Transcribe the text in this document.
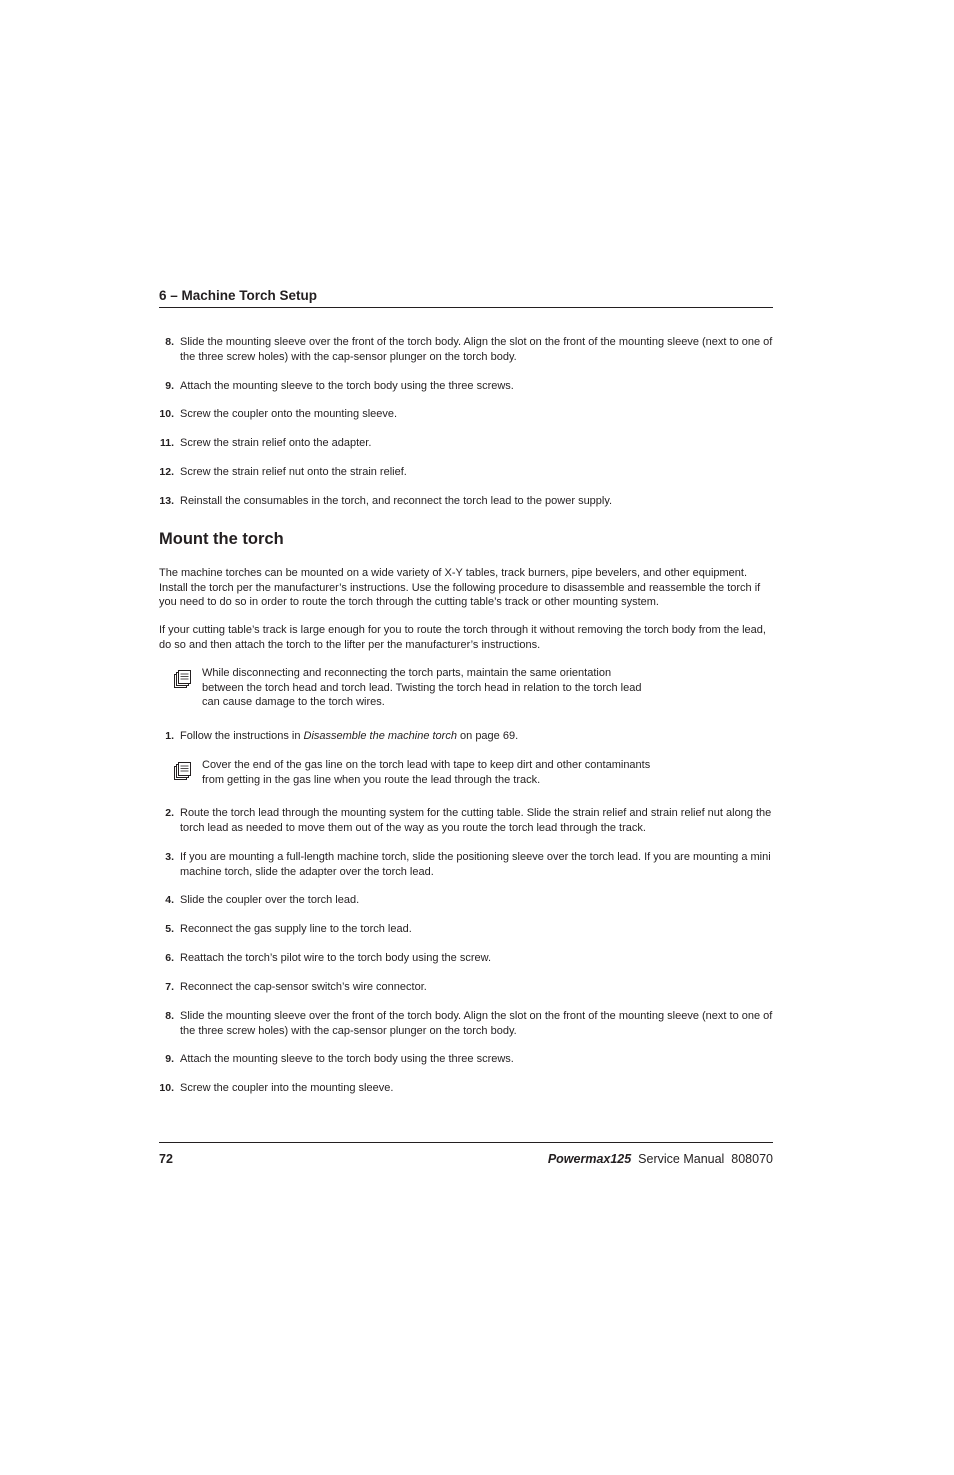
6 – Machine Torch Setup
8. Slide the mounting sleeve over the front of the torch body. Align the slot on the front of the mounting sleeve (next to one of the three screw holes) with the cap-sensor plunger on the torch body.
9. Attach the mounting sleeve to the torch body using the three screws.
10. Screw the coupler onto the mounting sleeve.
11. Screw the strain relief onto the adapter.
12. Screw the strain relief nut onto the strain relief.
13. Reinstall the consumables in the torch, and reconnect the torch lead to the power supply.
Mount the torch
The machine torches can be mounted on a wide variety of X-Y tables, track burners, pipe bevelers, and other equipment. Install the torch per the manufacturer’s instructions. Use the following procedure to disassemble and reassemble the torch if you need to do so in order to route the torch through the cutting table’s track or other mounting system.
If your cutting table’s track is large enough for you to route the torch through it without removing the torch body from the lead, do so and then attach the torch to the lifter per the manufacturer’s instructions.
While disconnecting and reconnecting the torch parts, maintain the same orientation between the torch head and torch lead. Twisting the torch head in relation to the torch lead can cause damage to the torch wires.
1. Follow the instructions in Disassemble the machine torch on page 69.
Cover the end of the gas line on the torch lead with tape to keep dirt and other contaminants from getting in the gas line when you route the lead through the track.
2. Route the torch lead through the mounting system for the cutting table. Slide the strain relief and strain relief nut along the torch lead as needed to move them out of the way as you route the torch lead through the track.
3. If you are mounting a full-length machine torch, slide the positioning sleeve over the torch lead. If you are mounting a mini machine torch, slide the adapter over the torch lead.
4. Slide the coupler over the torch lead.
5. Reconnect the gas supply line to the torch lead.
6. Reattach the torch’s pilot wire to the torch body using the screw.
7. Reconnect the cap-sensor switch’s wire connector.
8. Slide the mounting sleeve over the front of the torch body. Align the slot on the front of the mounting sleeve (next to one of the three screw holes) with the cap-sensor plunger on the torch body.
9. Attach the mounting sleeve to the torch body using the three screws.
10. Screw the coupler into the mounting sleeve.
72	Powermax125 Service Manual 808070
